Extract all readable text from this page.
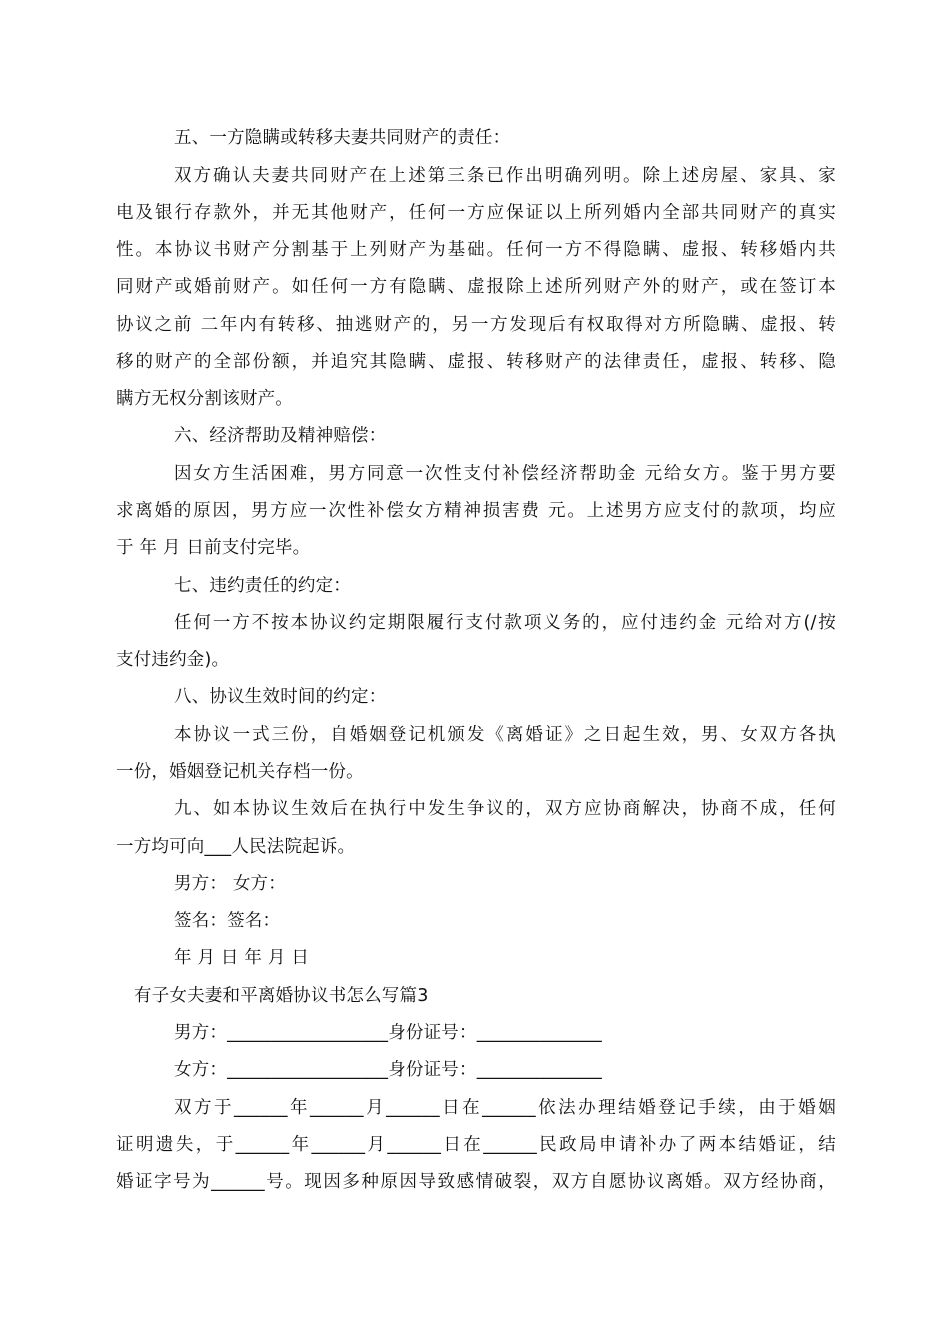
五、一方隐瞒或转移夫妻共同财产的责任：
双方确认夫妻共同财产在上述第三条已作出明确列明。除上述房屋、家具、家
电及银行存款外，并无其他财产，任何一方应保证以上所列婚内全部共同财产的真实
性。本协议书财产分割基于上列财产为基础。任何一方不得隐瞒、虚报、转移婚内共
同财产或婚前财产。如任何一方有隐瞒、虚报除上述所列财产外的财产，或在签订本
协议之前 二年内有转移、抽逃财产的，另一方发现后有权取得对方所隐瞒、虚报、转
移的财产的全部份额，并追究其隐瞒、虚报、转移财产的法律责任，虚报、转移、隐
瞒方无权分割该财产。
六、经济帮助及精神赔偿：
因女方生活困难，男方同意一次性支付补偿经济帮助金 元给女方。鉴于男方要
求离婚的原因，男方应一次性补偿女方精神损害费 元。上述男方应支付的款项，均应
于 年 月 日前支付完毕。
七、违约责任的约定：
任何一方不按本协议约定期限履行支付款项义务的，应付违约金 元给对方(/按
支付违约金)。
八、协议生效时间的约定：
本协议一式三份，自婚姻登记机颁发《离婚证》之日起生效，男、女双方各执
一份，婚姻登记机关存档一份。
九、如本协议生效后在执行中发生争议的，双方应协商解决，协商不成，任何
一方均可向___人民法院起诉。
男方： 女方：
签名：签名：
年 月 日 年 月 日
有子女夫妻和平离婚协议书怎么写篇3
男方：__________________身份证号：______________
女方：__________________身份证号：______________
双方于______年______月______日在______依法办理结婚登记手续，由于婚姻
证明遗失，于______年______月______日在______民政局申请补办了两本结婚证，结
婚证字号为______号。现因多种原因导致感情破裂，双方自愿协议离婚。双方经协商，
